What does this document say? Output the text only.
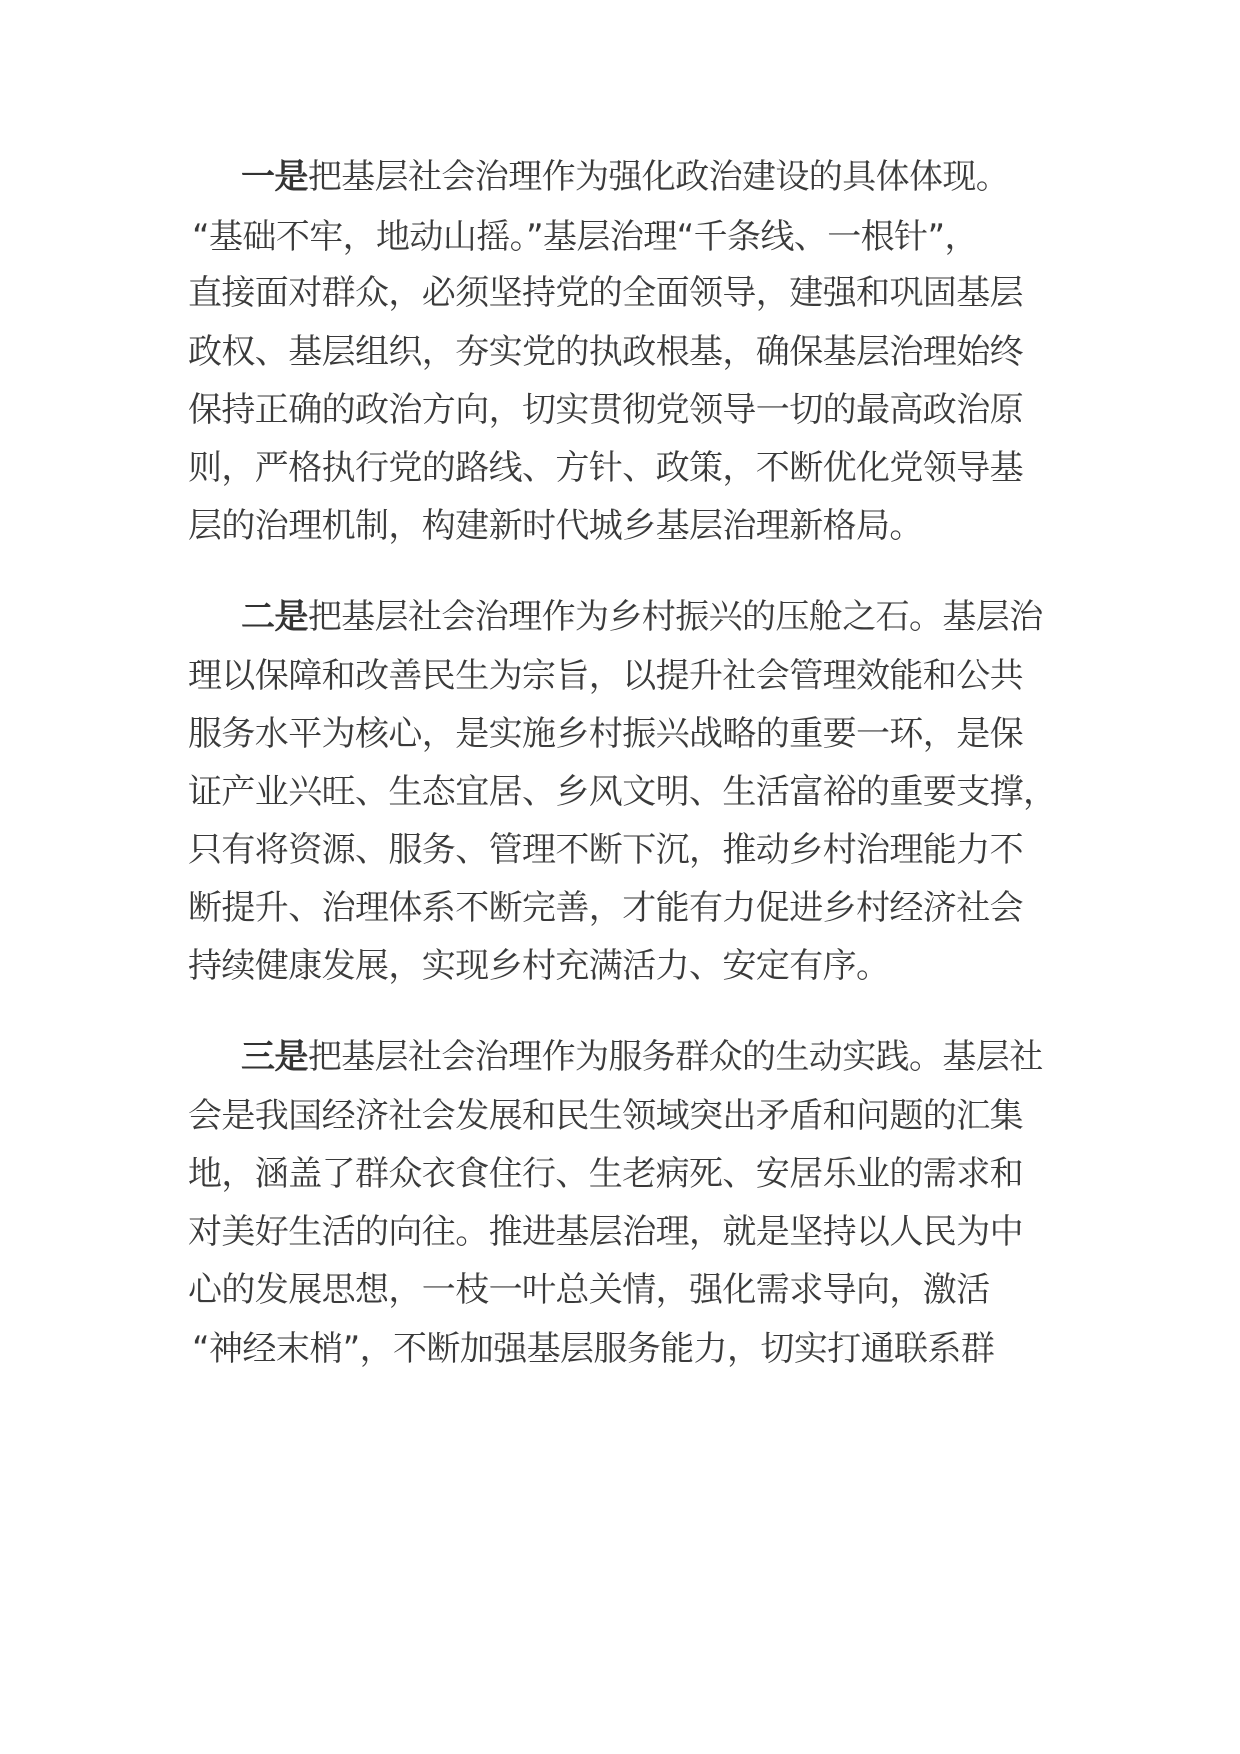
一是把基层社会治理作为强化政治建设的具体体现。
“基础不牢，地动山摇。”基层治理“千条线、一根针”，
直接面对群众，必须坚持党的全面领导，建强和巩固基层
政权、基层组织，夯实党的执政根基，确保基层治理始终
保持正确的政治方向，切实贯彻党领导一切的最高政治原
则，严格执行党的路线、方针、政策，不断优化党领导基
层的治理机制，构建新时代城乡基层治理新格局。
二是把基层社会治理作为乡村振兴的压舱之石。基层治
理以保障和改善民生为宗旨，以提升社会管理效能和公共
服务水平为核心，是实施乡村振兴战略的重要一环，是保
证产业兴旺、生态宜居、乡风文明、生活富裕的重要支撑，
只有将资源、服务、管理不断下沉，推动乡村治理能力不
断提升、治理体系不断完善，才能有力促进乡村经济社会
持续健康发展，实现乡村充满活力、安定有序。
三是把基层社会治理作为服务群众的生动实践。基层社
会是我国经济社会发展和民生领域突出矛盾和问题的汇集
地，涵盖了群众衣食住行、生老病死、安居乐业的需求和
对美好生活的向往。推进基层治理，就是坚持以人民为中
心的发展思想，一枝一叶总关情，强化需求导向，激活
“神经末梢”，不断加强基层服务能力，切实打通联系群
